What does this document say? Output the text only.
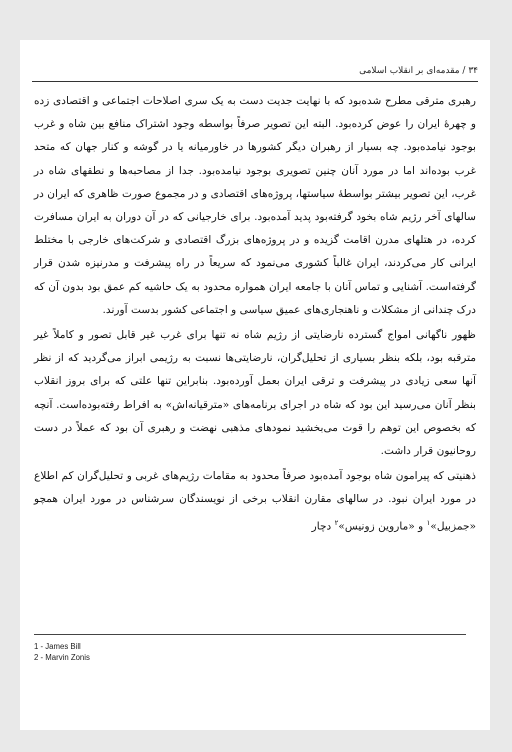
۳۴ / مقدمه‌ای بر انقلاب اسلامی

رهبری مترقی مطرح شده‌بود که با نهایت جدیت دست به یک سری اصلاحات اجتماعی و اقتصادی زده و چهرهٔ ایران را عوض کرده‌بود. البته این تصویر صرفاً بواسطه وجود اشتراک منافع بین شاه و غرب بوجود نیامده‌بود. چه بسیار از رهبران دیگر کشورها در خاورمیانه یا در گوشه و کنار جهان که متحد غرب بوده‌اند اما در مورد آنان چنین تصویری بوجود نیامده‌بود. جدا از مصاحبه‌ها و نطقهای شاه در غرب، این تصویر بیشتر بواسطهٔ سیاستها، پروژه‌های اقتصادی و در مجموع صورت ظاهری که ایران در سالهای آخر رژیم شاه بخود گرفته‌بود پدید آمده‌بود. برای خارجیانی که در آن دوران به ایران مسافرت کرده، در هتلهای مدرن اقامت گزیده و در پروژه‌های بزرگ اقتصادی و شرکت‌های خارجی با مختلط ایرانی کار می‌کردند، ایران غالباً کشوری می‌نمود که سریعاً در راه پیشرفت و مدرنیزه شدن قرار گرفته‌است. آشنایی و تماس آنان با جامعه ایران همواره محدود به یک حاشیه کم عمق بود بدون آن که درک چندانی از مشکلات و ناهنجاری‌های عمیق سیاسی و اجتماعی کشور بدست آورند.

ظهور ناگهانی امواج گسترده نارضایتی از رژیم شاه نه تنها برای غرب غیر قابل تصور و کاملاً غیر مترقبه بود، بلکه بنظر بسیاری از تحلیل‌گران، نارضایتی‌ها نسبت به رژیمی ابراز می‌گردید که از نظر آنها سعی زیادی در پیشرفت و ترقی ایران بعمل آورده‌بود. بنابراین تنها علتی که برای بروز انقلاب بنظر آنان می‌رسید این بود که شاه در اجرای برنامه‌های «مترقیانه‌اش» به افراط رفته‌بوده‌است. آنچه که بخصوص این توهم را قوت می‌بخشید نمودهای مذهبی نهضت و رهبری آن بود که عملاً در دست روحانیون قرار داشت.

ذهنیتی که پیرامون شاه بوجود آمده‌بود صرفاً محدود به مقامات رژیم‌های غربی و تحلیل‌گران کم اطلاع در مورد ایران نبود. در سالهای مقارن انقلاب برخی از نویسندگان سرشناس در مورد ایران همچو «جمزبیل»$^۱$ و «ماروین زونیس»$^۲$ دچار

1 - James Bill
2 - Marvin Zonis
